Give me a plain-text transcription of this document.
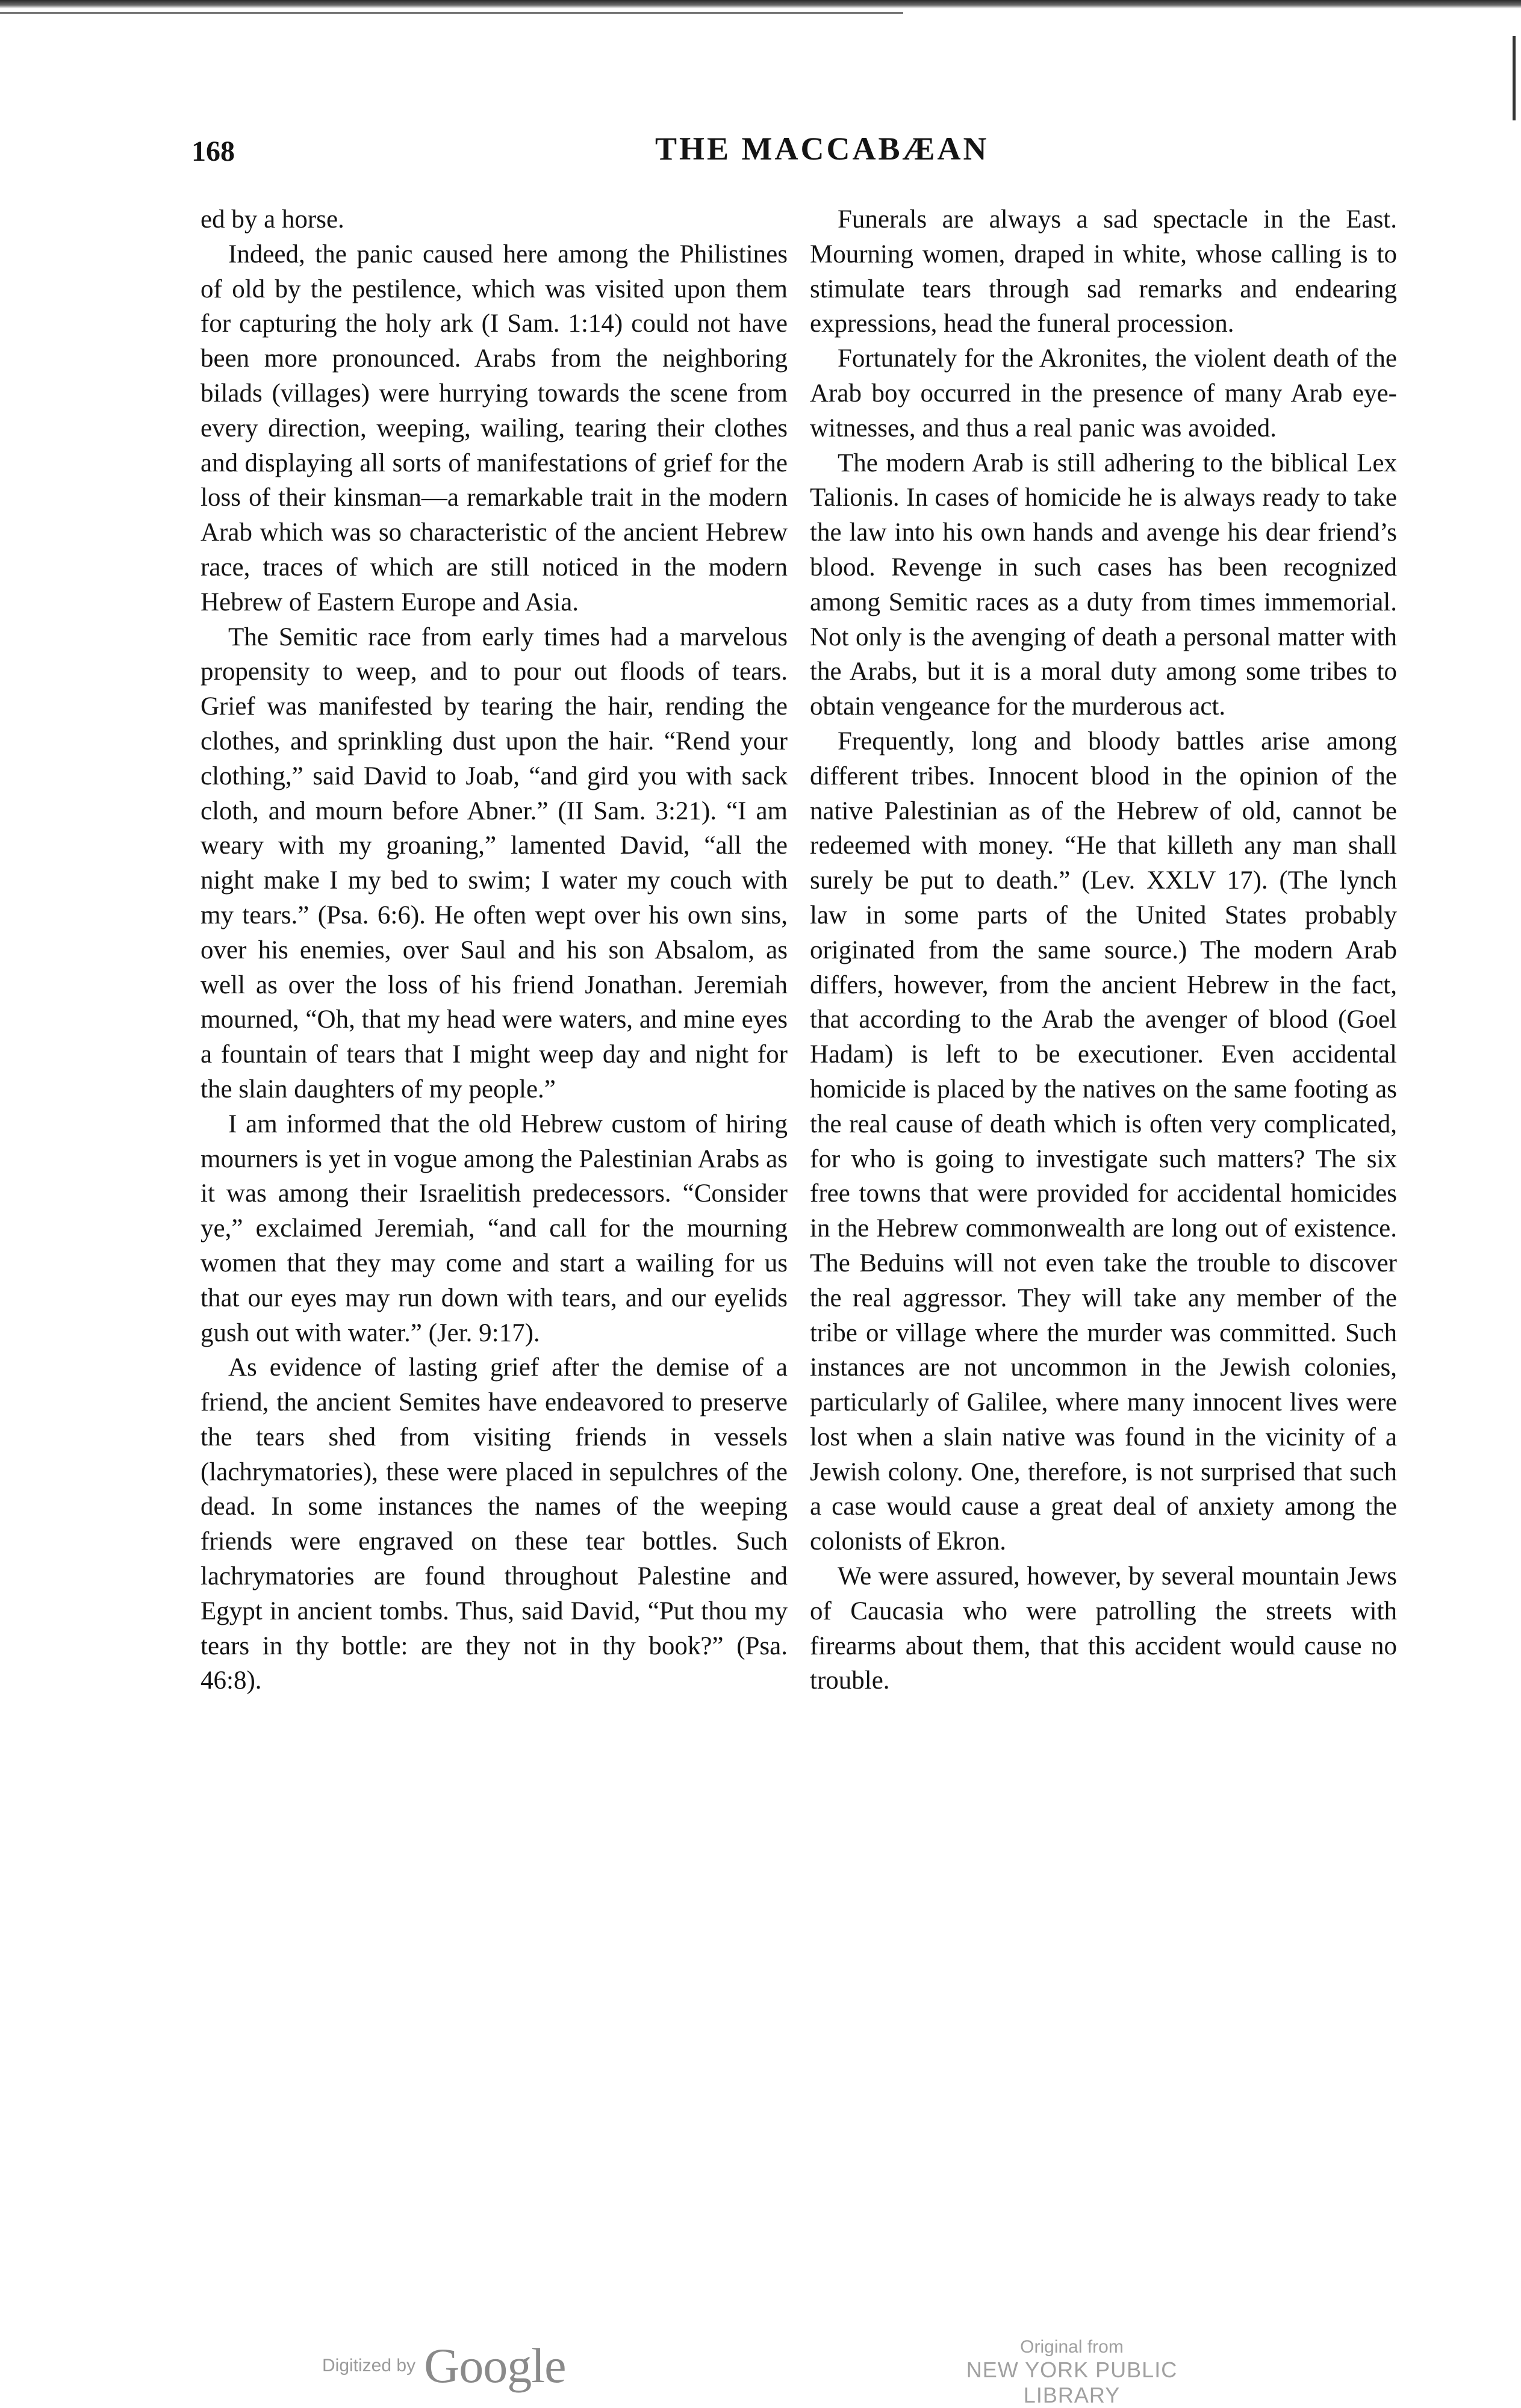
168	THE MACCABÆAN

ed by a horse.

Indeed, the panic caused here among the Philistines of old by the pestilence, which was visited upon them for capturing the holy ark (I Sam. 1:14) could not have been more pronounced. Arabs from the neighboring bilads (villages) were hurrying towards the scene from every direction, weeping, wailing, tearing their clothes and displaying all sorts of manifestations of grief for the loss of their kinsman—a remarkable trait in the modern Arab which was so characteristic of the ancient Hebrew race, traces of which are still noticed in the modern Hebrew of Eastern Europe and Asia.

The Semitic race from early times had a marvelous propensity to weep, and to pour out floods of tears. Grief was manifested by tearing the hair, rending the clothes, and sprinkling dust upon the hair. “Rend your clothing,” said David to Joab, “and gird you with sack cloth, and mourn before Abner.” (II Sam. 3:21). “I am weary with my groaning,” lamented David, “all the night make I my bed to swim; I water my couch with my tears.” (Psa. 6:6). He often wept over his own sins, over his enemies, over Saul and his son Absalom, as well as over the loss of his friend Jonathan. Jeremiah mourned, “Oh, that my head were waters, and mine eyes a fountain of tears that I might weep day and night for the slain daughters of my people.”

I am informed that the old Hebrew custom of hiring mourners is yet in vogue among the Palestinian Arabs as it was among their Israelitish predecessors. “Consider ye,” exclaimed Jeremiah, “and call for the mourning women that they may come and start a wailing for us that our eyes may run down with tears, and our eyelids gush out with water.” (Jer. 9:17).

As evidence of lasting grief after the demise of a friend, the ancient Semites have endeavored to preserve the tears shed from visiting friends in vessels (lachrymatories), these were placed in sepulchres of the dead. In some instances the names of the weeping friends were engraved on these tear bottles. Such lachrymatories are found throughout Palestine and Egypt in ancient tombs. Thus, said David, “Put thou my tears in thy bottle: are they not in thy book?” (Psa. 46:8).

Funerals are always a sad spectacle in the East. Mourning women, draped in white, whose calling is to stimulate tears through sad remarks and endearing expressions, head the funeral procession.

Fortunately for the Akronites, the violent death of the Arab boy occurred in the presence of many Arab eye-witnesses, and thus a real panic was avoided.

The modern Arab is still adhering to the biblical Lex Talionis. In cases of homicide he is always ready to take the law into his own hands and avenge his dear friend’s blood. Revenge in such cases has been recognized among Semitic races as a duty from times immemorial. Not only is the avenging of death a personal matter with the Arabs, but it is a moral duty among some tribes to obtain vengeance for the murderous act.

Frequently, long and bloody battles arise among different tribes. Innocent blood in the opinion of the native Palestinian as of the Hebrew of old, cannot be redeemed with money. “He that killeth any man shall surely be put to death.” (Lev. XXLV 17). (The lynch law in some parts of the United States probably originated from the same source.) The modern Arab differs, however, from the ancient Hebrew in the fact, that according to the Arab the avenger of blood (Goel Hadam) is left to be executioner. Even accidental homicide is placed by the natives on the same footing as the real cause of death which is often very complicated, for who is going to investigate such matters? The six free towns that were provided for accidental homicides in the Hebrew commonwealth are long out of existence. The Beduins will not even take the trouble to discover the real aggressor. They will take any member of the tribe or village where the murder was committed. Such instances are not uncommon in the Jewish colonies, particularly of Galilee, where many innocent lives were lost when a slain native was found in the vicinity of a Jewish colony. One, therefore, is not surprised that such a case would cause a great deal of anxiety among the colonists of Ekron.

We were assured, however, by several mountain Jews of Caucasia who were patrolling the streets with firearms about them, that this accident would cause no trouble.

Digitized by Google	Original from
NEW YORK PUBLIC LIBRARY
